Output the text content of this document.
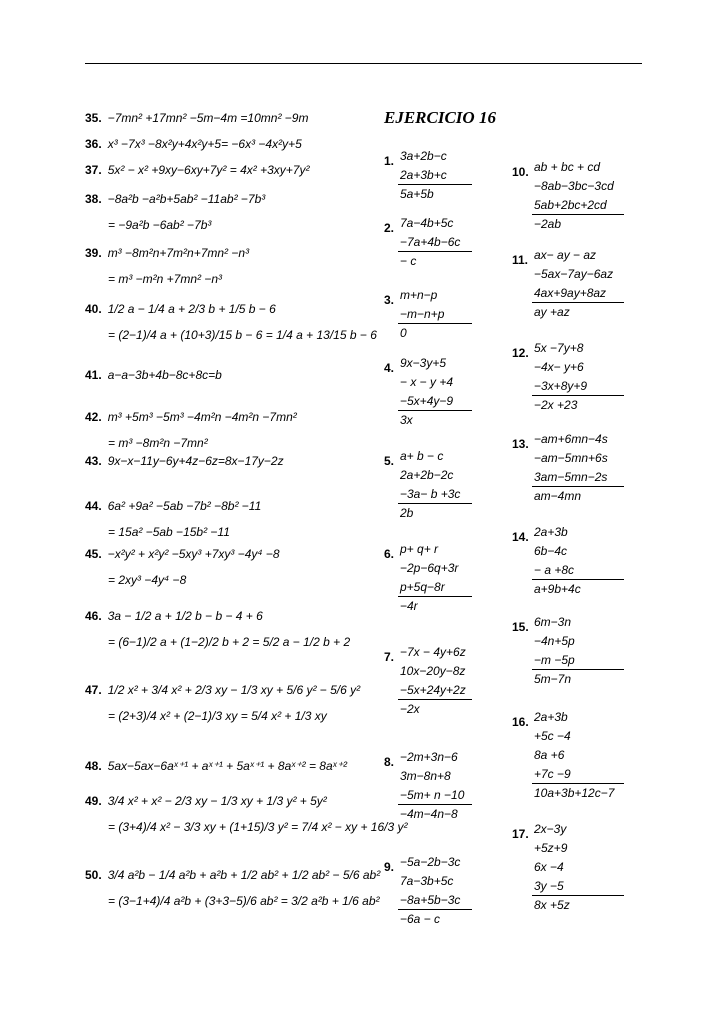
EJERCICIO 16
35. −7mn² +17mn² −5m−4m =10mn² −9m
36. x³ −7x³ −8x²y+4x²y+5= −6x³ −4x²y+5
37. 5x² − x² +9xy−6xy+7y² = 4x² +3xy+7y²
38. −8a²b −a²b+5ab² −11ab² −7b³
= −9a²b −6ab² −7b³
39. m³ −8m²n+7m²n+7mn² −n³
= m³ −m²n +7mn² −n³
40. 1/2 a − 1/4 a + 2/3 b + 1/5 b − 6
= (2−1)/4 a + (10+3)/15 b − 6 = 1/4 a + 13/15 b − 6
41. a−a−3b+4b−8c+8c=b
42. m³ +5m³ −5m³ −4m²n −4m²n −7mn²
= m³ −8m²n −7mn²
43. 9x−x−11y−6y+4z−6z=8x−17y−2z
44. 6a² +9a² −5ab −7b² −8b² −11
= 15a² −5ab −15b² −11
45. −x²y² + x²y² −5xy³ +7xy³ −4y⁴ −8
= 2xy³ −4y⁴ −8
46. 3a − 1/2 a + 1/2 b − b − 4 + 6
= (6−1)/2 a + (1−2)/2 b + 2 = 5/2 a − 1/2 b + 2
47. 1/2 x² + 3/4 x² + 2/3 xy − 1/3 xy + 5/6 y² − 5/6 y²
= (2+3)/4 x² + (2−1)/3 xy = 5/4 x² + 1/3 xy
48. 5ax−5ax−6aˣ⁺¹ + aˣ⁺¹ + 5aˣ⁺¹ + 8aˣ⁺² = 8aˣ⁺²
49. 3/4 x² + x² − 2/3 xy − 1/3 xy + 1/3 y² + 5y²
= (3+4)/4 x² − 3/3 xy + (1+15)/3 y² = 7/4 x² − xy + 16/3 y²
50. 3/4 a²b − 1/4 a²b + a²b + 1/2 ab² + 1/2 ab² − 5/6 ab²
= (3−1+4)/4 a²b + (3+3−5)/6 ab² = 3/2 a²b + 1/6 ab²
1. 3a+2b−c
2a+3b+c
5a+5b
2. 7a−4b+5c
−7a+4b−6c
− c
3. m+n−p
−m−n+p
0
4. 9x−3y+5
− x − y +4
−5x+4y−9
3x
5. a+ b − c
2a+2b−2c
−3a− b +3c
2b
6. p+ q+ r
−2p−6q+3r
p+5q−8r
−4r
7. −7x − 4y+6z
10x−20y−8z
−5x+24y+2z
−2x
8. −2m+3n−6
3m−8n+8
−5m+ n −10
−4m−4n−8
9. −5a−2b−3c
7a−3b+5c
−8a+5b−3c
−6a − c
10. ab + bc + cd
−8ab−3bc−3cd
5ab+2bc+2cd
−2ab
11. ax− ay − az
−5ax−7ay−6az
4ax+9ay+8az
ay +az
12. 5x −7y+8
−4x− y+6
−3x+8y+9
−2x +23
13. −am+6mn−4s
−am−5mn+6s
3am−5mn−2s
am−4mn
14. 2a+3b
6b−4c
− a +8c
a+9b+4c
15. 6m−3n
−4n+5p
−m −5p
5m−7n
16. 2a+3b
+5c −4
8a +6
+7c −9
10a+3b+12c−7
17. 2x−3y
+5z+9
6x −4
3y −5
8x +5z
